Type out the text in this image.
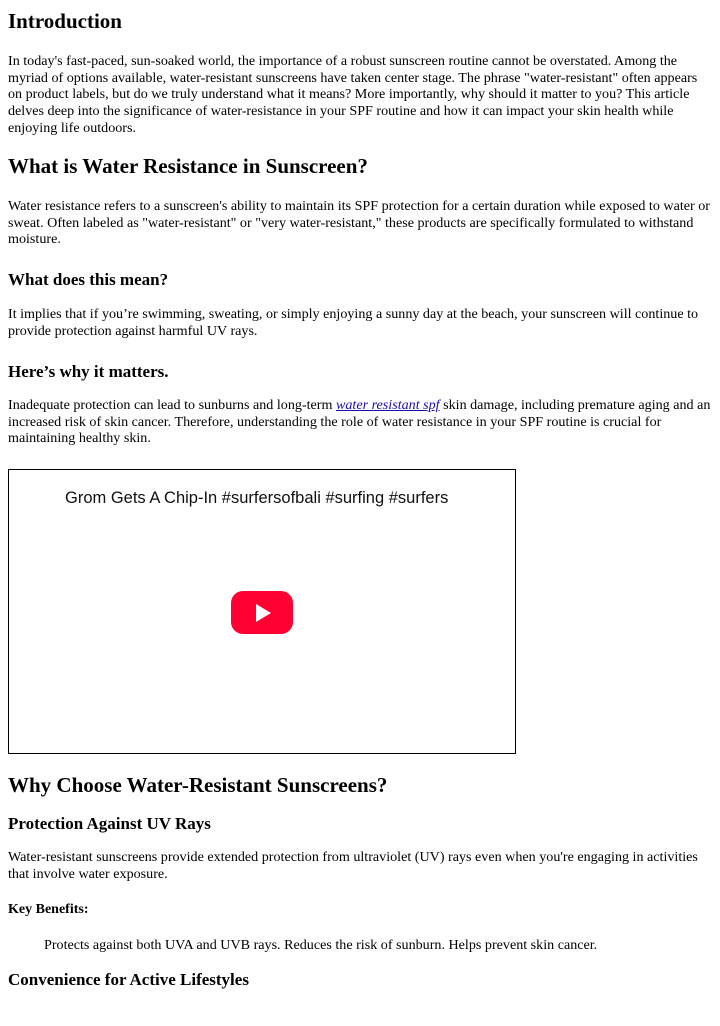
Introduction

In today's fast-paced, sun-soaked world, the importance of a robust sunscreen routine cannot be overstated. Among the myriad of options available, water-resistant sunscreens have taken center stage. The phrase "water-resistant" often appears on product labels, but do we truly understand what it means? More importantly, why should it matter to you? This article delves deep into the significance of water-resistance in your SPF routine and how it can impact your skin health while enjoying life outdoors.

What is Water Resistance in Sunscreen?

Water resistance refers to a sunscreen's ability to maintain its SPF protection for a certain duration while exposed to water or sweat. Often labeled as "water-resistant" or "very water-resistant," these products are specifically formulated to withstand moisture.

What does this mean?

It implies that if you’re swimming, sweating, or simply enjoying a sunny day at the beach, your sunscreen will continue to provide protection against harmful UV rays.

Here’s why it matters.

Inadequate protection can lead to sunburns and long-term water resistant spf skin damage, including premature aging and an increased risk of skin cancer. Therefore, understanding the role of water resistance in your SPF routine is crucial for maintaining healthy skin.

Grom Gets A Chip-In #surfersofbali #surfing #surfers
Why Choose Water-Resistant Sunscreens?
Protection Against UV Rays

Water-resistant sunscreens provide extended protection from ultraviolet (UV) rays even when you're engaging in activities that involve water exposure.

Key Benefits:

Protects against both UVA and UVB rays. Reduces the risk of sunburn. Helps prevent skin cancer.

Convenience for Active Lifestyles
